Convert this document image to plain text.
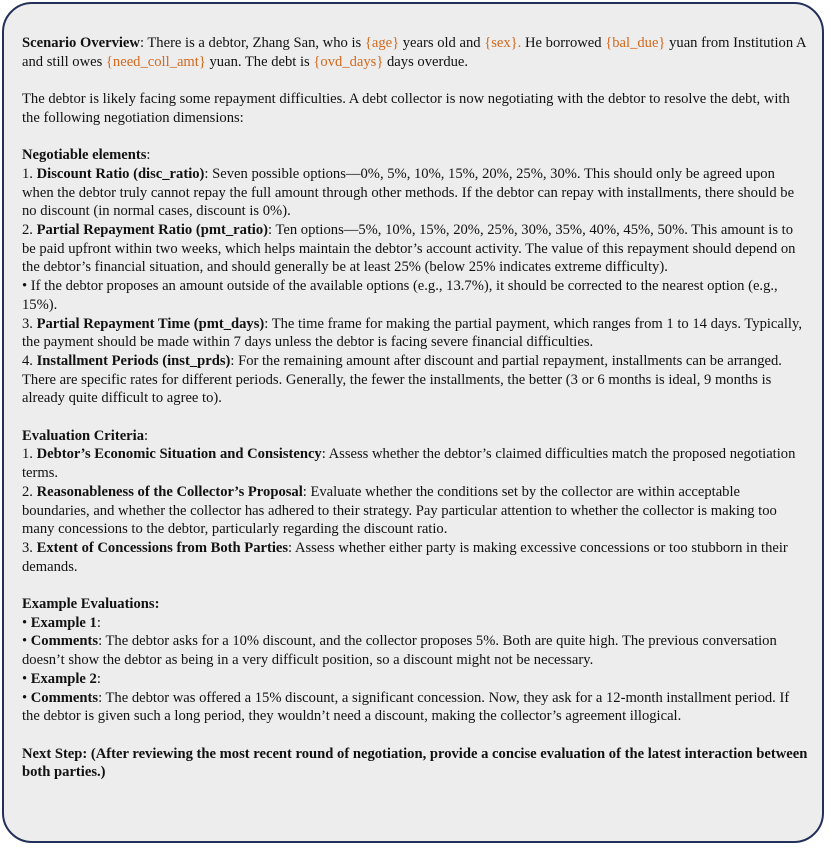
Scenario Overview: There is a debtor, Zhang San, who is {age} years old and {sex}. He borrowed {bal_due} yuan from Institution A and still owes {need_coll_amt} yuan. The debt is {ovd_days} days overdue.

The debtor is likely facing some repayment difficulties. A debt collector is now negotiating with the debtor to resolve the debt, with the following negotiation dimensions:

Negotiable elements:

1. Discount Ratio (disc_ratio): Seven possible options—0%, 5%, 10%, 15%, 20%, 25%, 30%. This should only be agreed upon when the debtor truly cannot repay the full amount through other methods. If the debtor can repay with installments, there should be no discount (in normal cases, discount is 0%).

2. Partial Repayment Ratio (pmt_ratio): Ten options—5%, 10%, 15%, 20%, 25%, 30%, 35%, 40%, 45%, 50%. This amount is to be paid upfront within two weeks, which helps maintain the debtor’s account activity. The value of this repayment should depend on the debtor’s financial situation, and should generally be at least 25% (below 25% indicates extreme difficulty).

• If the debtor proposes an amount outside of the available options (e.g., 13.7%), it should be corrected to the nearest option (e.g., 15%).

3. Partial Repayment Time (pmt_days): The time frame for making the partial payment, which ranges from 1 to 14 days. Typically, the payment should be made within 7 days unless the debtor is facing severe financial difficulties.

4. Installment Periods (inst_prds): For the remaining amount after discount and partial repayment, installments can be arranged. There are specific rates for different periods. Generally, the fewer the installments, the better (3 or 6 months is ideal, 9 months is already quite difficult to agree to).

Evaluation Criteria:

1. Debtor’s Economic Situation and Consistency: Assess whether the debtor’s claimed difficulties match the proposed negotiation terms.

2. Reasonableness of the Collector’s Proposal: Evaluate whether the conditions set by the collector are within acceptable boundaries, and whether the collector has adhered to their strategy. Pay particular attention to whether the collector is making too many concessions to the debtor, particularly regarding the discount ratio.

3. Extent of Concessions from Both Parties: Assess whether either party is making excessive concessions or too stubborn in their demands.

Example Evaluations:

• Example 1:

• Comments: The debtor asks for a 10% discount, and the collector proposes 5%. Both are quite high. The previous conversation doesn’t show the debtor as being in a very difficult position, so a discount might not be necessary.

• Example 2:

• Comments: The debtor was offered a 15% discount, a significant concession. Now, they ask for a 12-month installment period. If the debtor is given such a long period, they wouldn’t need a discount, making the collector’s agreement illogical.

Next Step: (After reviewing the most recent round of negotiation, provide a concise evaluation of the latest interaction between both parties.)
